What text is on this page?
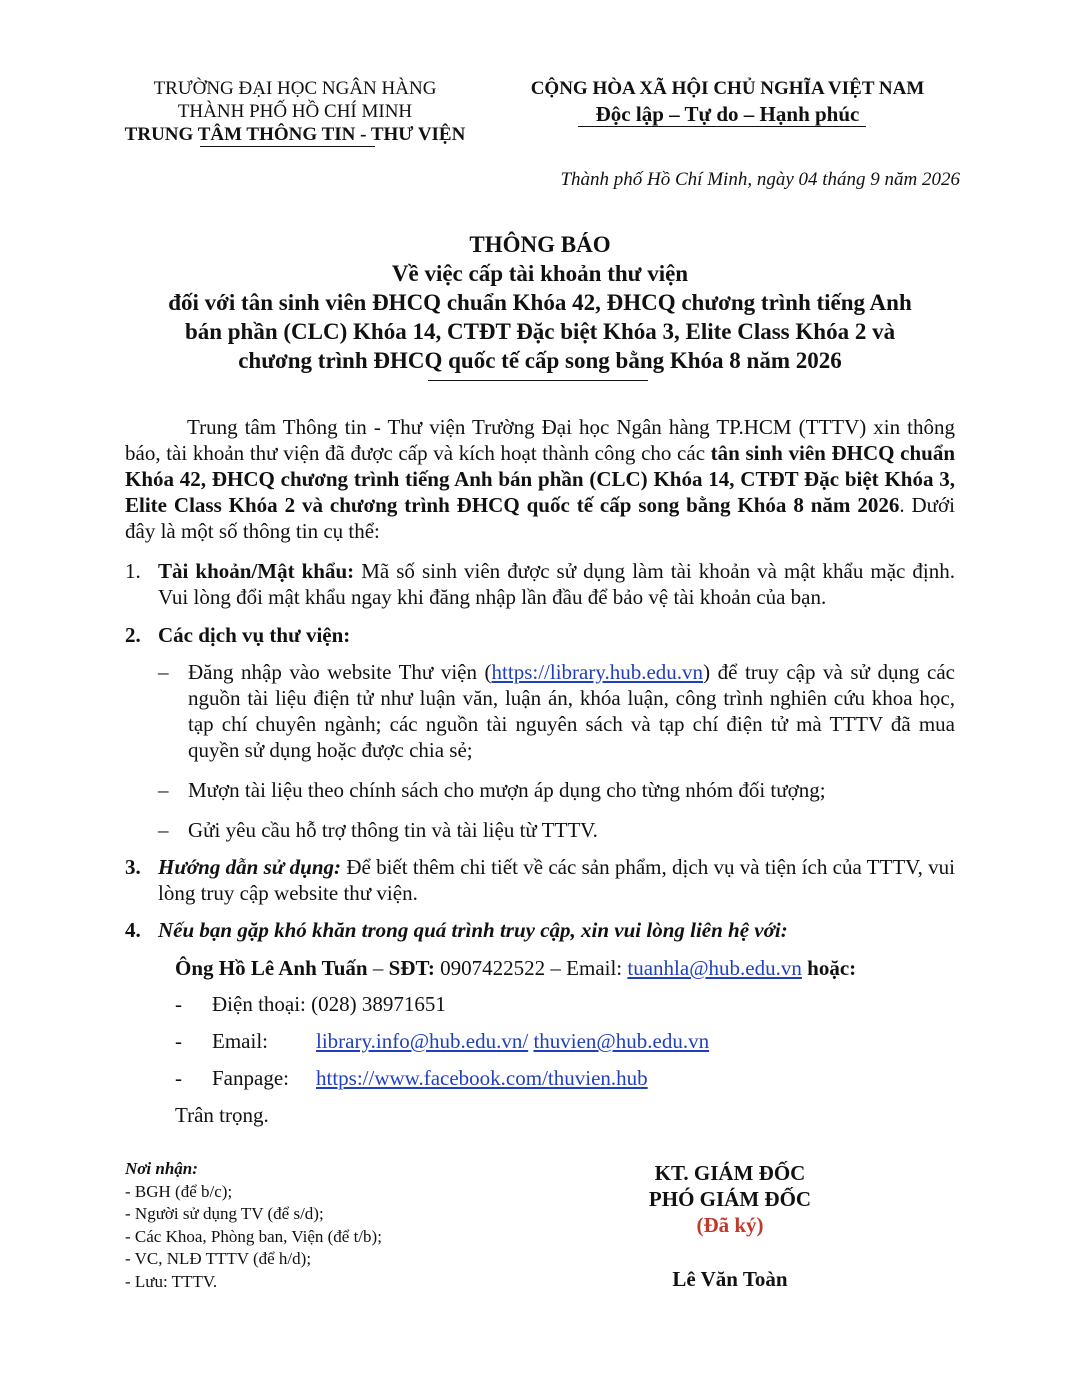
TRƯỜNG ĐẠI HỌC NGÂN HÀNG
THÀNH PHỐ HỒ CHÍ MINH
TRUNG TÂM THÔNG TIN - THƯ VIỆN
CỘNG HÒA XÃ HỘI CHỦ NGHĨA VIỆT NAM
Độc lập – Tự do – Hạnh phúc
Thành phố Hồ Chí Minh, ngày 04 tháng 9 năm 2026
THÔNG BÁO
Về việc cấp tài khoản thư viện
đối với tân sinh viên ĐHCQ chuẩn Khóa 42, ĐHCQ chương trình tiếng Anh
bán phần (CLC) Khóa 14, CTĐT Đặc biệt Khóa 3, Elite Class Khóa 2 và
chương trình ĐHCQ quốc tế cấp song bằng Khóa 8 năm 2026
Trung tâm Thông tin - Thư viện Trường Đại học Ngân hàng TP.HCM (TTTV) xin thông báo, tài khoản thư viện đã được cấp và kích hoạt thành công cho các tân sinh viên ĐHCQ chuẩn Khóa 42, ĐHCQ chương trình tiếng Anh bán phần (CLC) Khóa 14, CTĐT Đặc biệt Khóa 3, Elite Class Khóa 2 và chương trình ĐHCQ quốc tế cấp song bằng Khóa 8 năm 2026. Dưới đây là một số thông tin cụ thể:
1. Tài khoản/Mật khẩu: Mã số sinh viên được sử dụng làm tài khoản và mật khẩu mặc định. Vui lòng đổi mật khẩu ngay khi đăng nhập lần đầu để bảo vệ tài khoản của bạn.
2. Các dịch vụ thư viện:
– Đăng nhập vào website Thư viện (https://library.hub.edu.vn) để truy cập và sử dụng các nguồn tài liệu điện tử như luận văn, luận án, khóa luận, công trình nghiên cứu khoa học, tạp chí chuyên ngành; các nguồn tài nguyên sách và tạp chí điện tử mà TTTV đã mua quyền sử dụng hoặc được chia sẻ;
– Mượn tài liệu theo chính sách cho mượn áp dụng cho từng nhóm đối tượng;
– Gửi yêu cầu hỗ trợ thông tin và tài liệu từ TTTV.
3. Hướng dẫn sử dụng: Để biết thêm chi tiết về các sản phẩm, dịch vụ và tiện ích của TTTV, vui lòng truy cập website thư viện.
4. Nếu bạn gặp khó khăn trong quá trình truy cập, xin vui lòng liên hệ với:
Ông Hồ Lê Anh Tuấn – SĐT: 0907422522 – Email: tuanhla@hub.edu.vn hoặc:
-	Điện thoại: (028) 38971651
-	Email:	library.info@hub.edu.vn/ thuvien@hub.edu.vn
-	Fanpage:	https://www.facebook.com/thuvien.hub
Trân trọng.
Nơi nhận:
- BGH (để b/c);
- Người sử dụng TV (để s/d);
- Các Khoa, Phòng ban, Viện (để t/b);
- VC, NLĐ TTTV (để h/d);
- Lưu: TTTV.
KT. GIÁM ĐỐC
PHÓ GIÁM ĐỐC
(Đã ký)
Lê Văn Toàn
